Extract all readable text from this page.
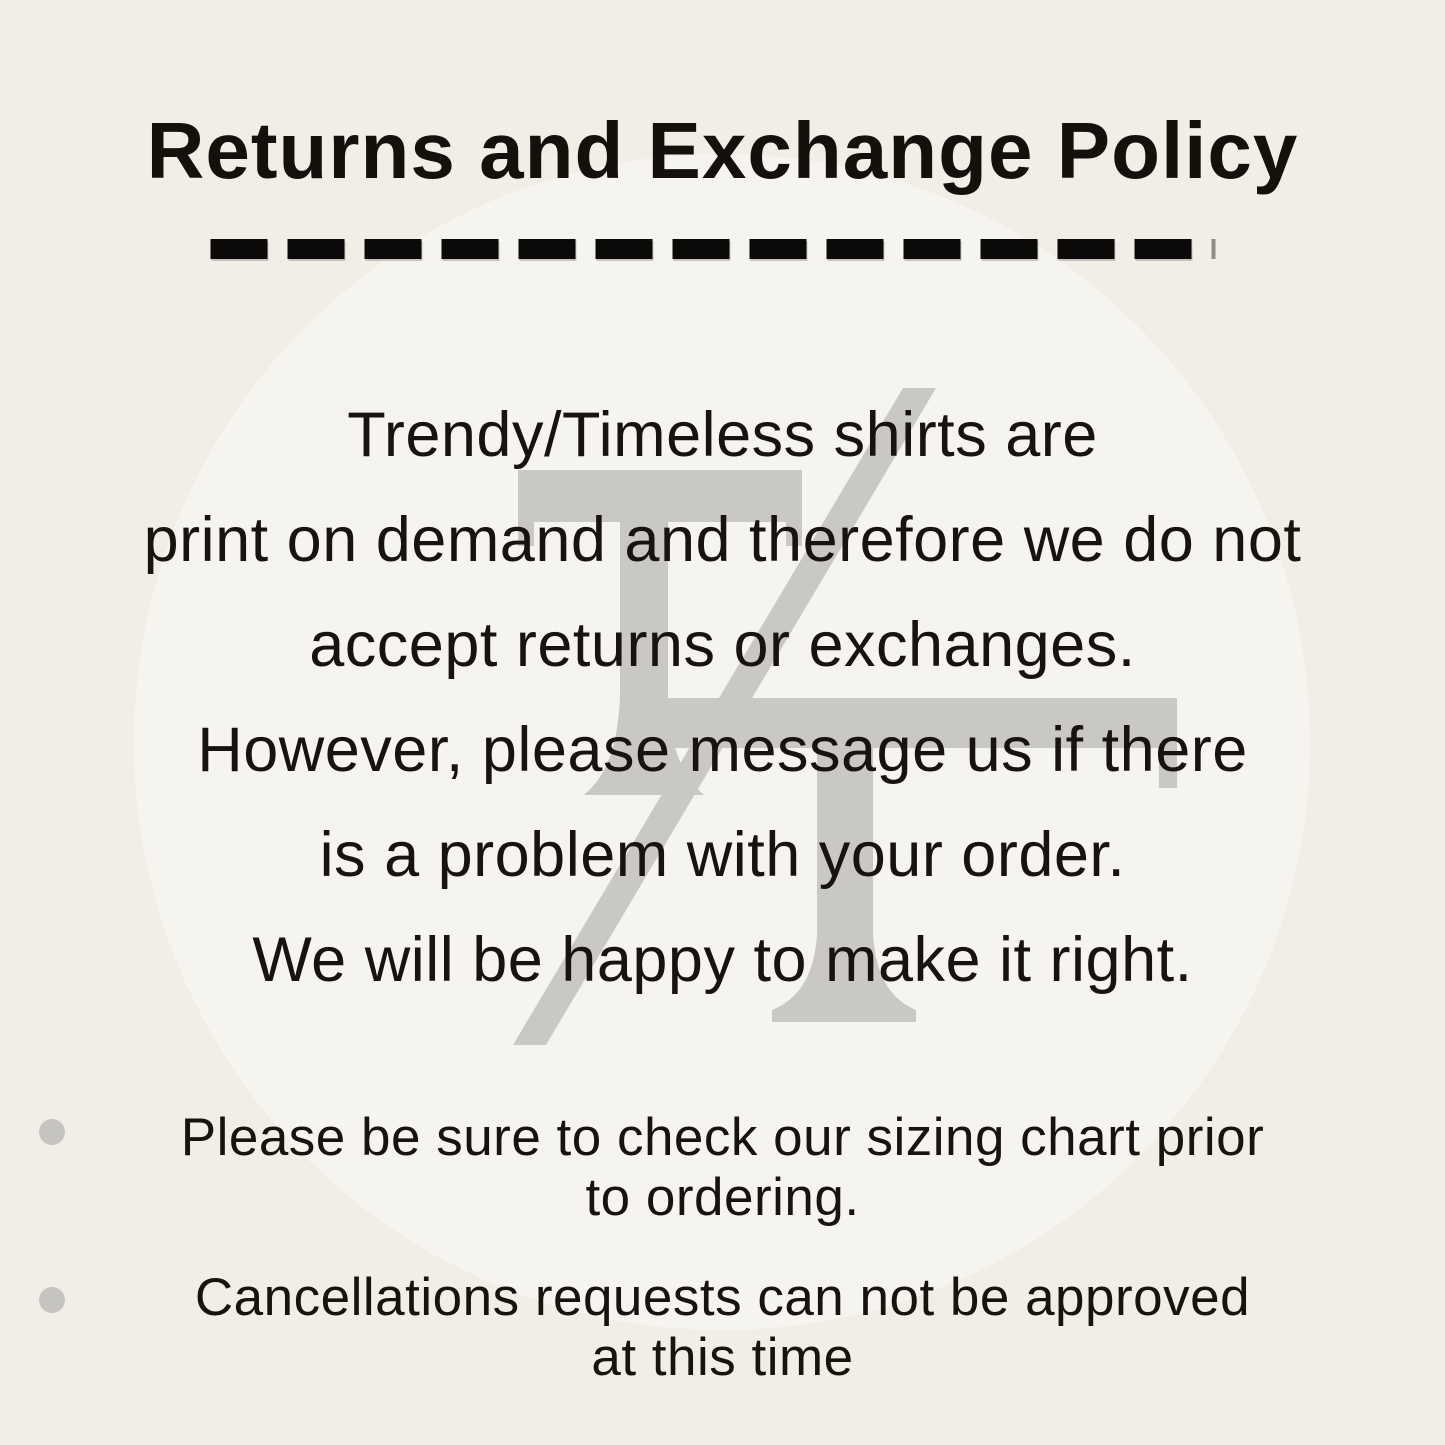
Returns and Exchange Policy

Trendy/Timeless shirts are

print on demand and therefore we do not

accept returns or exchanges.

However, please message us if there

is a problem with your order.

We will be happy to make it right.

Please be sure to check our sizing chart prior

to ordering.

Cancellations requests can not be approved

at this time
